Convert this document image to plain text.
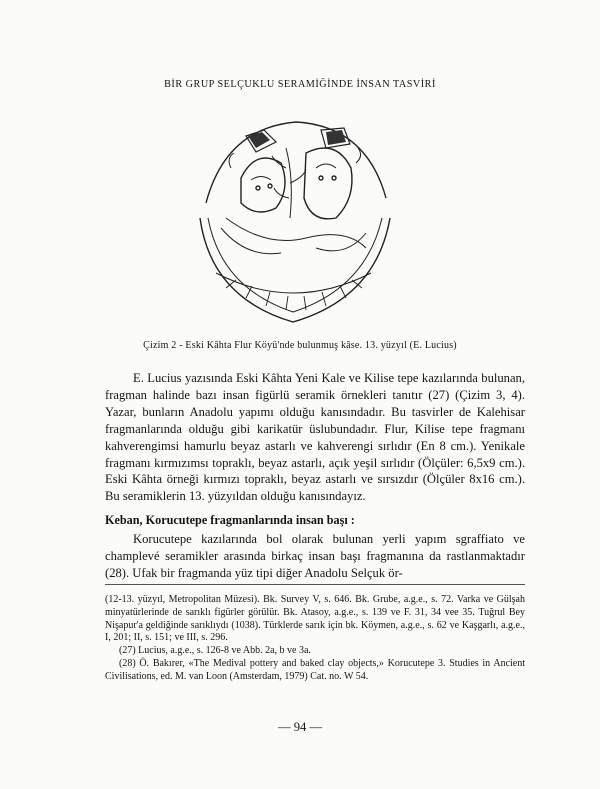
BİR GRUP SELÇUKLU SERAMİĞİNDE İNSAN TASVİRİ
Çizim 2 - Eski Kâhta Flur Köyü'nde bulunmuş kâse. 13. yüzyıl (E. Lucius)

E. Lucius yazısında Eski Kâhta Yeni Kale ve Kilise tepe kazılarında bulunan, fragman halinde bazı insan figürlü seramik örnekleri tanıtır (27) (Çizim 3, 4). Yazar, bunların Anadolu yapımı olduğu kanısındadır. Bu tasvirler de Kalehisar fragmanlarında olduğu gibi karikatür üslubundadır. Flur, Kilise tepe fragmanı kahverengimsi hamurlu beyaz astarlı ve kahverengi sırlıdır (En 8 cm.). Yenikale fragmanı kırmızımsı topraklı, beyaz astarlı, açık yeşil sırlıdır (Ölçüler: 6,5x9 cm.). Eski Kâhta örneği kırmızı topraklı, beyaz astarlı ve sırsızdır (Ölçüler 8x16 cm.). Bu seramiklerin 13. yüzyıldan olduğu kanısındayız.

Keban, Korucutepe fragmanlarında insan başı :

Korucutepe kazılarında bol olarak bulunan yerli yapım sgraffiato ve champlevé seramikler arasında birkaç insan başı fragmanına da rastlanmaktadır (28). Ufak bir fragmanda yüz tipi diğer Anadolu Selçuk ör-

(12-13. yüzyıl, Metropolitan Müzesi). Bk. Survey V, s. 646. Bk. Grube, a.g.e., s. 72. Varka ve Gülşah minyatürlerinde de sarıklı figürler görülür. Bk. Atasoy, a.g.e., s. 139 ve F. 31, 34 vee 35. Tuğrul Bey Nişapur'a geldiğinde sarıklıydı (1038). Türklerde sarık için bk. Köymen, a.g.e., s. 62 ve Kaşgarlı, a.g.e., I, 201; II, s. 151; ve III, s. 296.

(27) Lucius, a.g.e., s. 126-8 ve Abb. 2a, b ve 3a.

(28) Ö. Bakırer, «The Medival pottery and baked clay objects,» Korucutepe 3. Studies in Ancient Civilisations, ed. M. van Loon (Amsterdam, 1979) Cat. no. W 54.

— 94 —
